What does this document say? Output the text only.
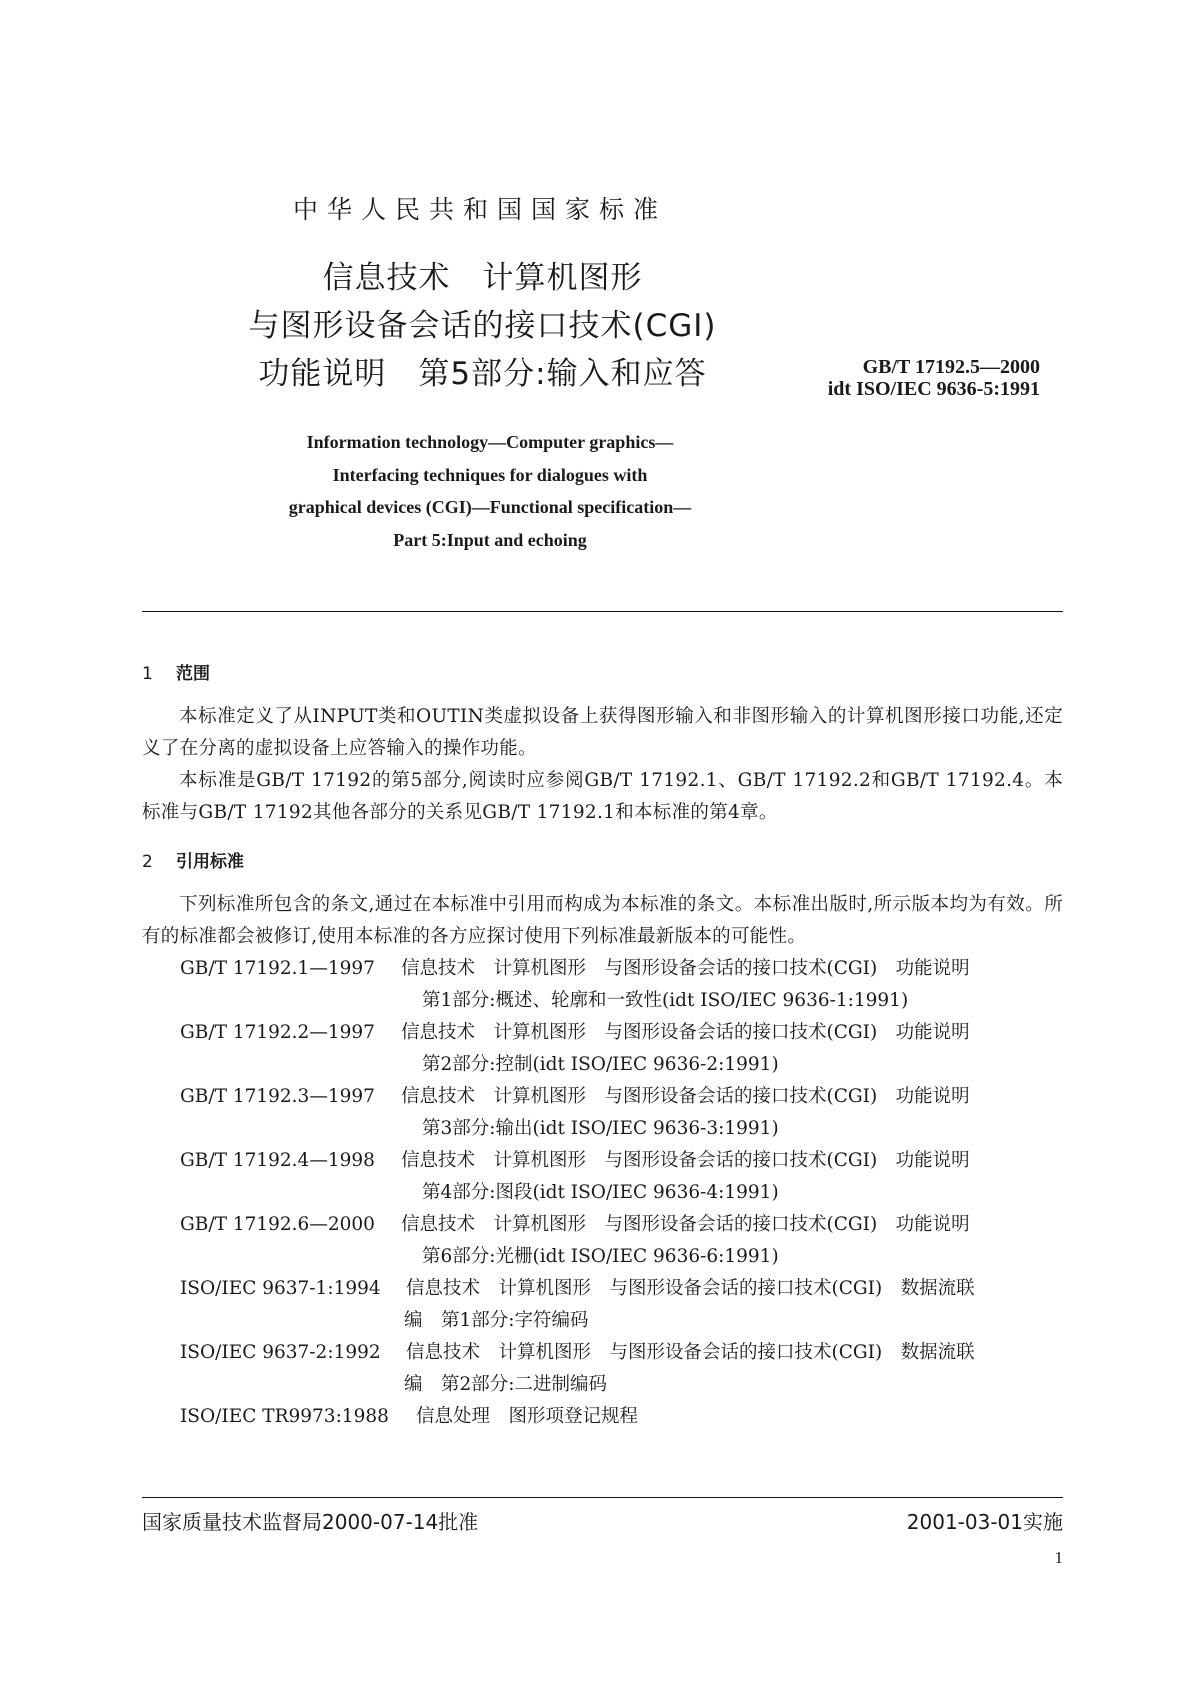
中华人民共和国国家标准
信息技术　计算机图形
与图形设备会话的接口技术(CGI)
功能说明　第5部分:输入和应答	GB/T 17192.5—2000
idt ISO/IEC 9636-5:1991
Information technology—Computer graphics—
Interfacing techniques for dialogues with
graphical devices (CGI)—Functional specification—
Part 5:Input and echoing
1 范围
本标准定义了从INPUT类和OUTIN类虚拟设备上获得图形输入和非图形输入的计算机图形接口功能,还定义了在分离的虚拟设备上应答输入的操作功能。
本标准是GB/T 17192的第5部分,阅读时应参阅GB/T 17192.1、GB/T 17192.2和GB/T 17192.4。本标准与GB/T 17192其他各部分的关系见GB/T 17192.1和本标准的第4章。
2 引用标准
下列标准所包含的条文,通过在本标准中引用而构成为本标准的条文。本标准出版时,所示版本均为有效。所有的标准都会被修订,使用本标准的各方应探讨使用下列标准最新版本的可能性。
GB/T 17192.1—1997 信息技术　计算机图形　与图形设备会话的接口技术(CGI)　功能说明
第1部分:概述、轮廓和一致性(idt ISO/IEC 9636-1:1991)
GB/T 17192.2—1997 信息技术　计算机图形　与图形设备会话的接口技术(CGI)　功能说明
第2部分:控制(idt ISO/IEC 9636-2:1991)
GB/T 17192.3—1997 信息技术　计算机图形　与图形设备会话的接口技术(CGI)　功能说明
第3部分:输出(idt ISO/IEC 9636-3:1991)
GB/T 17192.4—1998 信息技术　计算机图形　与图形设备会话的接口技术(CGI)　功能说明
第4部分:图段(idt ISO/IEC 9636-4:1991)
GB/T 17192.6—2000 信息技术　计算机图形　与图形设备会话的接口技术(CGI)　功能说明
第6部分:光栅(idt ISO/IEC 9636-6:1991)
ISO/IEC 9637-1:1994 信息技术　计算机图形　与图形设备会话的接口技术(CGI)　数据流联
编　第1部分:字符编码
ISO/IEC 9637-2:1992 信息技术　计算机图形　与图形设备会话的接口技术(CGI)　数据流联
编　第2部分:二进制编码
ISO/IEC TR9973:1988 信息处理　图形项登记规程
国家质量技术监督局2000-07-14批准	2001-03-01实施
1
